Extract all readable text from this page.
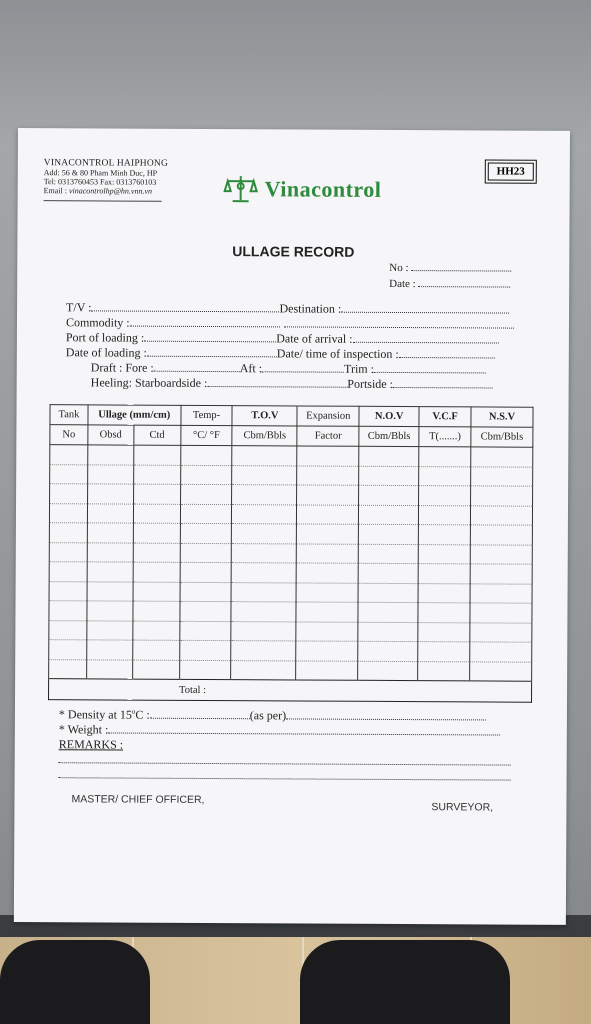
VINACONTROL HAIPHONG
Add: 56 & 80 Pham Minh Duc, HP
Tel: 0313760453 Fax: 0313760103
Email : vinacontrolhp@hn.vnn.vn
HH23
Vinacontrol
ULLAGE RECORD
No :
Date :
T/V :	Destination :
Commodity :
Port of loading :	Date of arrival :
Date of loading :	Date/ time of inspection :
Draft : Fore :	Aft :	Trim :
Heeling: Starboardside :	Portside :
Tank	Ullage (mm/cm)		Temp-	T.O.V	Expansion	N.O.V	V.C.F	N.S.V
No	Obsd	Ctd	°C/ °F	Cbm/Bbls	Factor	Cbm/Bbls	T(.......)	Cbm/Bbls

Total :								
* Density at 15$^o$C :	(as per)
* Weight :
REMARKS :
MASTER/ CHIEF OFFICER,
SURVEYOR,
